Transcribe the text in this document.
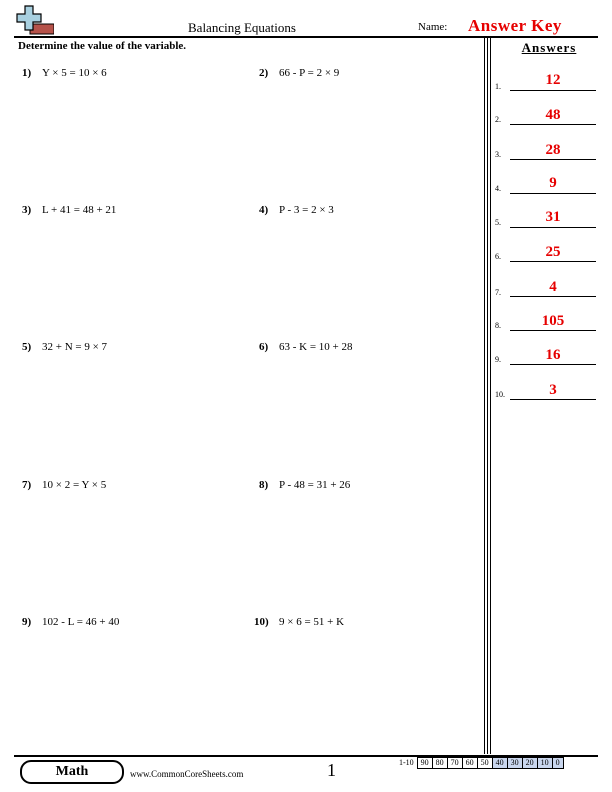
Balancing Equations	Name: Answer Key
Determine the value of the variable.
1) Y × 5 = 10 × 6	2) 66 - P = 2 × 9
3) L + 41 = 48 + 21	4) P - 3 = 2 × 3
5) 32 + N = 9 × 7	6) 63 - K = 10 + 28
7) 10 × 2 = Y × 5	8) P - 48 = 31 + 26
9) 102 - L = 46 + 40	10) 9 × 6 = 51 + K
Answers
1.	12
2.	48
3.	28
4.	9
5.	31
6.	25
7.	4
8.	105
9.	16
10.	3
Math	www.CommonCoreSheets.com	1	1-10 90 80 70 60 50 40 30 20 10 0
